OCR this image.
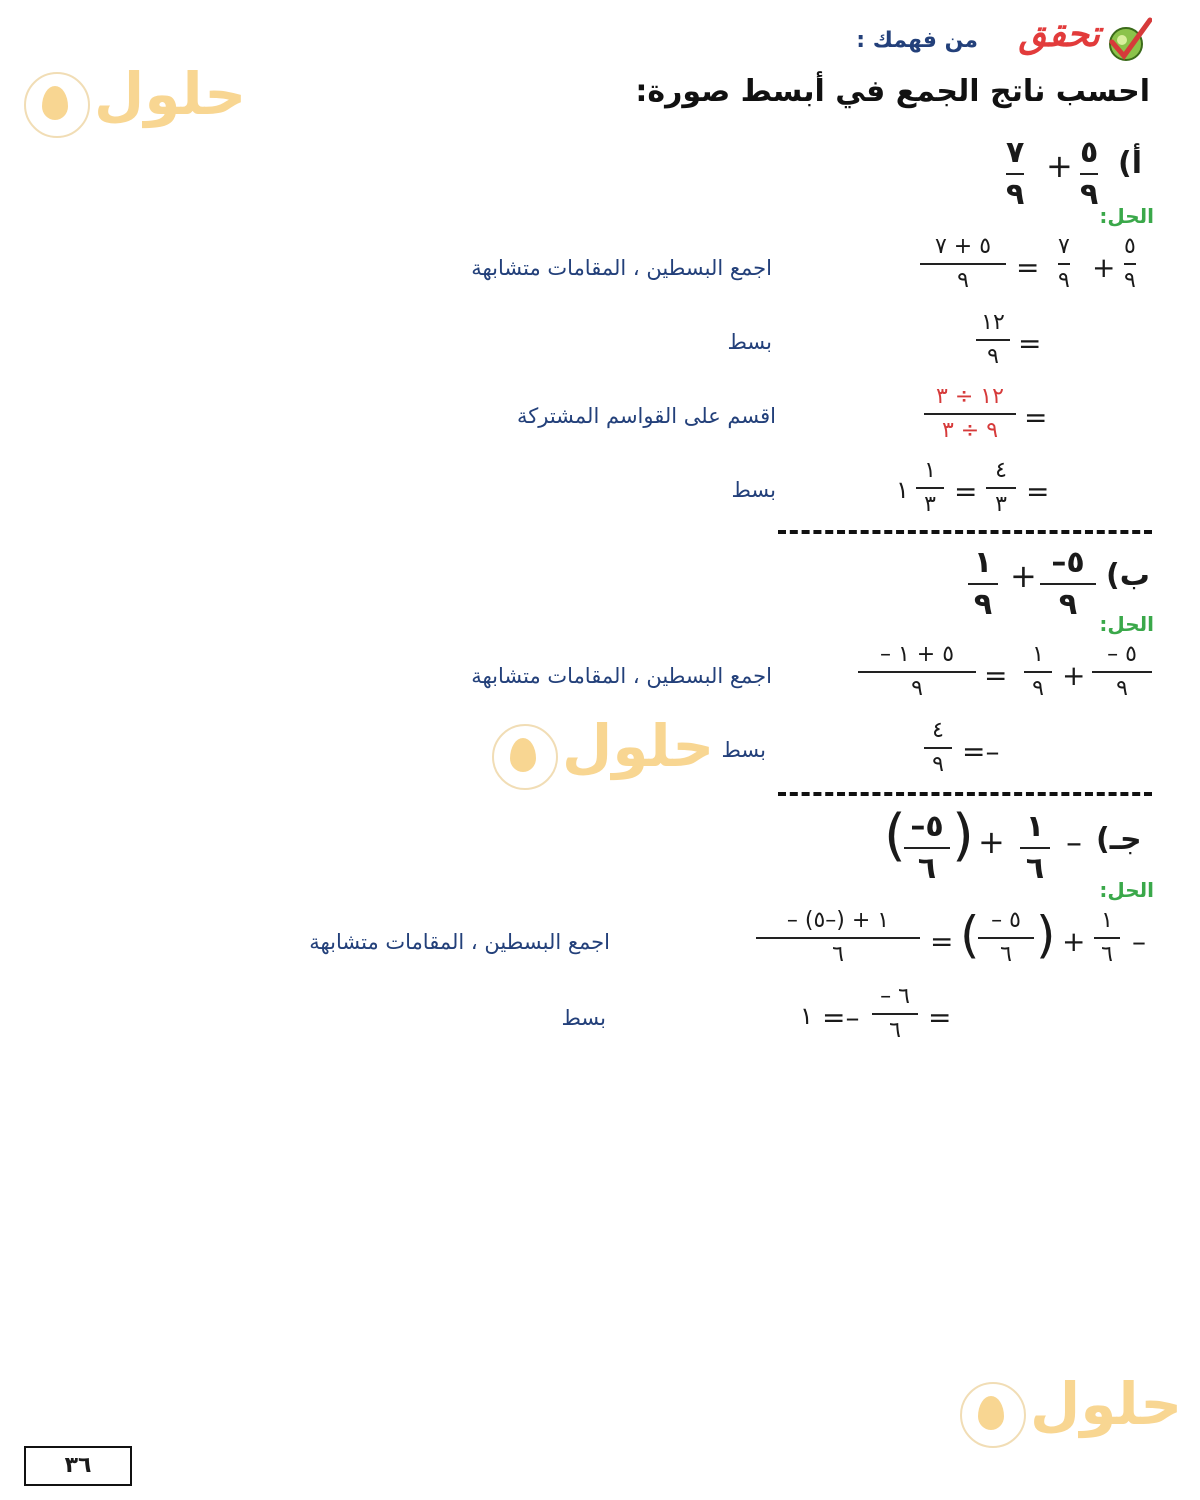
تحقق
من فهمك :
احسب ناتج الجمع في أبسط صورة:
حلول
حلول
حلول
أ)
٥
٩
+
٧
٩
الحل:
٥
٩
+
٧
٩
=
٥ + ٧
٩
اجمع البسطين ، المقامات متشابهة
=
١٢
٩
بسط
=
١٢ ÷ ٣
٩ ÷ ٣
اقسم على القواسم المشتركة
=
٤
٣
=
١
٣
١
بسط
ب)
–٥
٩
+
١
٩
الحل:
– ٥
٩
+
١
٩
=
– ٥ + ١
٩
اجمع البسطين ، المقامات متشابهة
=–
٤
٩
بسط
جـ)
–
١
٦
+
)
–٥
٦
(
الحل:
–
١
٦
+
)
– ٥
٦
(
=
– ١ + (–٥)
٦
اجمع البسطين ، المقامات متشابهة
=
– ٦
٦
=–
١
بسط
٣٦
